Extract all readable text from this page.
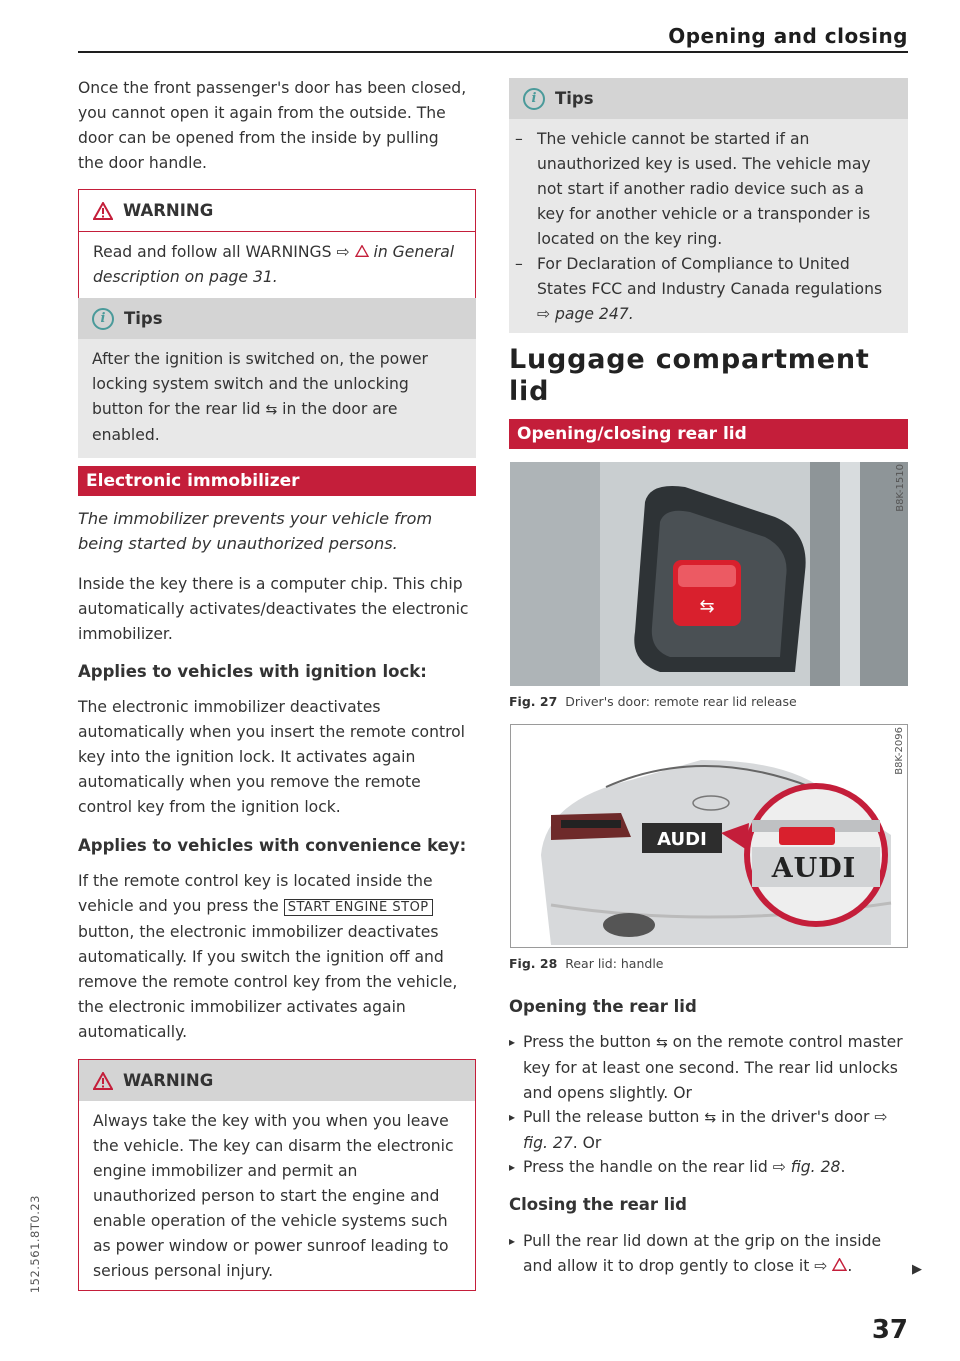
Opening and closing

Once the front passenger's door has been closed, you cannot open it again from the outside. The door can be opened from the inside by pulling the door handle.

WARNING
Read and follow all WARNINGS ⇨  in General description on page 31.
i	Tips
After the ignition is switched on, the power locking system switch and the unlocking button for the rear lid ⇆ in the door are enabled.
Electronic immobilizer

The immobilizer prevents your vehicle from being started by unauthorized persons.

Inside the key there is a computer chip. This chip automatically activates/deactivates the electronic immobilizer.

Applies to vehicles with ignition lock:

The electronic immobilizer deactivates automatically when you insert the remote control key into the ignition lock. It activates again automatically when you remove the remote control key from the ignition lock.

Applies to vehicles with convenience key:

If the remote control key is located inside the vehicle and you press the START ENGINE STOP button, the electronic immobilizer deactivates automatically. If you switch the ignition off and remove the remote control key from the vehicle, the electronic immobilizer activates again automatically.

WARNING
Always take the key with you when you leave the vehicle. The key can disarm the electronic engine immobilizer and permit an unauthorized person to start the engine and enable operation of the vehicle systems such as power window or power sunroof leading to serious personal injury.
i	Tips
– The vehicle cannot be started if an unauthorized key is used. The vehicle may not start if another radio device such as a key for another vehicle or a transponder is located on the key ring.
– For Declaration of Compliance to United States FCC and Industry Canada regulations ⇨ page 247.
Luggage compartment lid
Opening/closing rear lid
⇆
B8K-1510
Fig. 27 Driver's door: remote rear lid release
AUDI
AUDI
B8K-2096
Fig. 28 Rear lid: handle
Opening the rear lid
▸ Press the button ⇆ on the remote control master key for at least one second. The rear lid unlocks and opens slightly. Or
▸ Pull the release button ⇆ in the driver's door ⇨ fig. 27. Or
▸ Press the handle on the rear lid ⇨ fig. 28.
Closing the rear lid
▸ Pull the rear lid down at the grip on the inside and allow it to drop gently to close it ⇨ .	▶
37
152.561.8T0.23
